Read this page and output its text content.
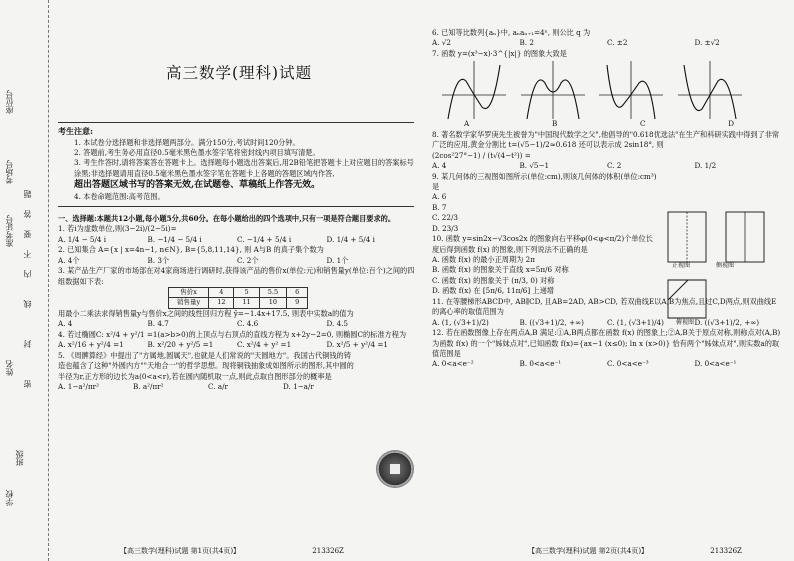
学校
姓名
准考证号
考场号
座位号
班级
密
封
线
内
不
要
答
题
高三数学(理科)试题
考生注意:
1. 本试卷分选择题和非选择题两部分。满分150分,考试时间120分钟。
2. 答题前,考生务必用直径0.5毫米黑色墨水签字笔将密封线内项目填写清楚。
3. 考生作答时,请将答案答在答题卡上。选择题每小题选出答案后,用2B铅笔把答题卡上对应题目的答案标号涂黑;非选择题请用直径0.5毫米黑色墨水签字笔在答题卡上各题的答题区域内作答,
超出答题区域书写的答案无效,在试题卷、草稿纸上作答无效。
4. 本卷命题范围:高考范围。

一、选择题:本题共12小题,每小题5分,共60分。在每小题给出的四个选项中,只有一项是符合题目要求的。

1. 若i为虚数单位,则(3−2i)/(2−5i)=

A. 1/4 − 5/4 i	B. −1/4 − 5/4 i	C. −1/4 + 5/4 i	D. 1/4 + 5/4 i

2. 已知集合 A={x | x=4n−1, n∈N}, B={5,8,11,14}, 则 A与B 的真子集个数为

A. 4个	B. 3个	C. 2个	D. 1个

3. 某产品生产厂家的市场部在对4家商场进行调研时,获得该产品的售价x(单位:元)和销售量y(单位:百个)之间的四组数据如下表:

售价x	4	5	5.5	6
销售量y	12	11	10	9

用最小二乘法求得销售量y与售价x之间的线性回归方程 ŷ=−1.4x+17.5, 则表中实数a的值为

A. 4	B. 4.7	C. 4.6	D. 4.5

4. 若过椭圆C: x²/4 + y²/1 =1(a>b>0)的上顶点与右顶点的直线方程为 x+2y−2=0, 则椭圆C的标准方程为

A. x²/16 + y²/4 =1	B. x²/20 + y²/5 =1	C. x²/4 + y² =1	D. x²/5 + y²/4 =1

5. 《周髀算经》中提出了"方属地,圆属天",也就是人们常说的"天圆地方"。我国古代铜钱的铸造也蕴含了这种"外圆内方""天地合一"的哲学思想。现将铜钱抽象成如图所示的图形,其中圆的半径为r,正方形的边长为a(0<a<r),若在圆内随机取一点,则此点取自图形部分的概率是

A. 1−a²/πr²	B. a²/πr²	C. a/r	D. 1−a/r
【高三数学(理科)试题 第1页(共4页)】	213326Z

6. 已知等比数列{aₙ}中, aₙaₙ₊₁=4ⁿ, 则公比 q 为

A. √2	B. 2	C. ±2	D. ±√2

7. 函数 y=(x³−x)·3^{|x|} 的图象大致是

A	B	C	D

8. 著名数学家华罗庚先生被誉为"中国现代数学之父",他倡导的"0.618优选法"在生产和科研实践中得到了非常广泛的应用,黄金分割比 t=(√5−1)/2≈0.618 还可以表示成 2sin18°, 则

(2cos²27°−1) / (t√(4−t²)) =

A. 4	B. √5−1	C. 2	D. 1/2

9. 某几何体的三视图如图所示(单位:cm),则该几何体的体积(单位:cm³)是

A. 6
B. 7
C. 22/3
D. 23/3

10. 函数 y=sin2x−√3cos2x 的图象向右平移φ(0<φ<π/2)个单位长度后得到函数 f(x) 的图象,则下列说法不正确的是

A. 函数 f(x) 的最小正周期为 2π
B. 函数 f(x) 的图象关于直线 x=5π/6 对称
C. 函数 f(x) 的图象关于 (π/3, 0) 对称
D. 函数 f(x) 在 [5π/6, 11π/6] 上递增

11. 在等腰梯形ABCD中, AB∥CD, 且AB=2AD, AB>CD, 若双曲线E以A,B为焦点,且过C,D两点,则双曲线E的离心率的取值范围为

A. (1, (√3+1)/2)	B. ((√3+1)/2, +∞)	C. (1, (√3+1)/4)	D. ((√3+1)/2, +∞)

12. 若在函数图像上存在两点A,B 满足:①A,B两点都在函数 f(x) 的图象上;②A,B关于原点对称,则称点对(A,B)为函数 f(x) 的一个"姊妹点对",已知函数 f(x)={ax−1 (x≤0); ln x (x>0)} 恰有两个"姊妹点对",则实数a的取值范围是

A. 0<a<e⁻²	B. 0<a<e⁻¹	C. 0<a<e⁻³	D. 0<a<e⁻¹
正视图	侧视图
俯视图
【高三数学(理科)试题 第2页(共4页)】	213326Z
